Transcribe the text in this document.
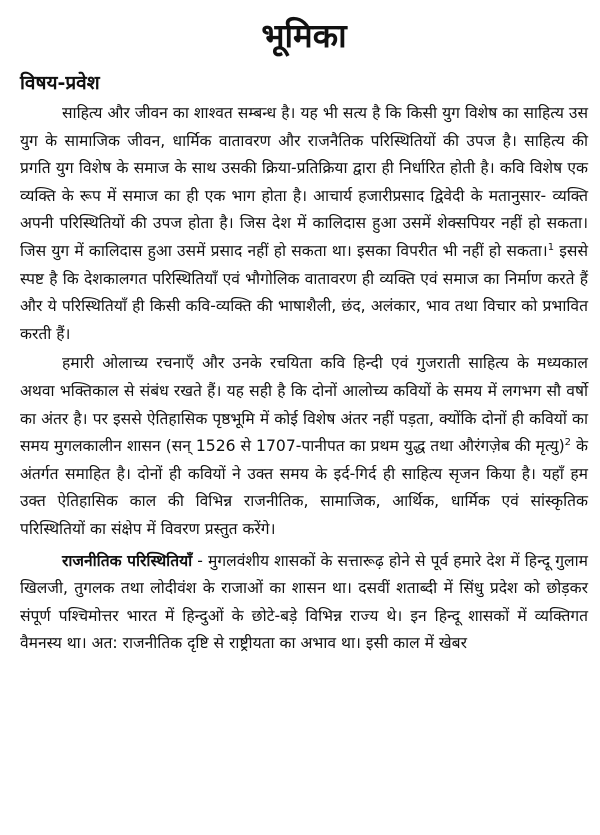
भूमिका
विषय-प्रवेश

साहित्य और जीवन का शाश्वत सम्बन्ध है। यह भी सत्य है कि किसी युग विशेष का साहित्य उस युग के सामाजिक जीवन, धार्मिक वातावरण और राजनैतिक परिस्थितियों की उपज है। साहित्य की प्रगति युग विशेष के समाज के साथ उसकी क्रिया-प्रतिक्रिया द्वारा ही निर्धारित होती है। कवि विशेष एक व्यक्ति के रूप में समाज का ही एक भाग होता है। आचार्य हजारीप्रसाद द्विवेदी के मतानुसार- व्यक्ति अपनी परिस्थितियों की उपज होता है। जिस देश में कालिदास हुआ उसमें शेक्सपियर नहीं हो सकता। जिस युग में कालिदास हुआ उसमें प्रसाद नहीं हो सकता था। इसका विपरीत भी नहीं हो सकता।$^1$ इससे स्पष्ट है कि देशकालगत परिस्थितियाँ एवं भौगोलिक वातावरण ही व्यक्ति एवं समाज का निर्माण करते हैं और ये परिस्थितियाँ ही किसी कवि-व्यक्ति की भाषाशैली, छंद, अलंकार, भाव तथा विचार को प्रभावित करती हैं।

हमारी ओलाच्य रचनाएँ और उनके रचयिता कवि हिन्दी एवं गुजराती साहित्य के मध्यकाल अथवा भक्तिकाल से संबंध रखते हैं। यह सही है कि दोनों आलोच्य कवियों के समय में लगभग सौ वर्षो का अंतर है। पर इससे ऐतिहासिक पृष्ठभूमि में कोई विशेष अंतर नहीं पड़ता, क्योंकि दोनों ही कवियों का समय मुगलकालीन शासन (सन् 1526 से 1707-पानीपत का प्रथम युद्ध तथा औरंगज़ेब की मृत्यु)$^2$ के अंतर्गत समाहित है। दोनों ही कवियों ने उक्त समय के इर्द-गिर्द ही साहित्य सृजन किया है। यहाँ हम उक्त ऐतिहासिक काल की विभिन्न राजनीतिक, सामाजिक, आर्थिक, धार्मिक एवं सांस्कृतिक परिस्थितियों का संक्षेप में विवरण प्रस्तुत करेंगे।

राजनीतिक परिस्थितियाँ - मुगलवंशीय शासकों के सत्तारूढ़ होने से पूर्व हमारे देश में हिन्दू गुलाम खिलजी, तुगलक तथा लोदीवंश के राजाओं का शासन था। दसवीं शताब्दी में सिंधु प्रदेश को छोड़कर संपूर्ण पश्चिमोत्तर भारत में हिन्दुओं के छोटे-बड़े विभिन्न राज्य थे। इन हिन्दू शासकों में व्यक्तिगत वैमनस्य था। अत: राजनीतिक दृष्टि से राष्ट्रीयता का अभाव था। इसी काल में खेबर
